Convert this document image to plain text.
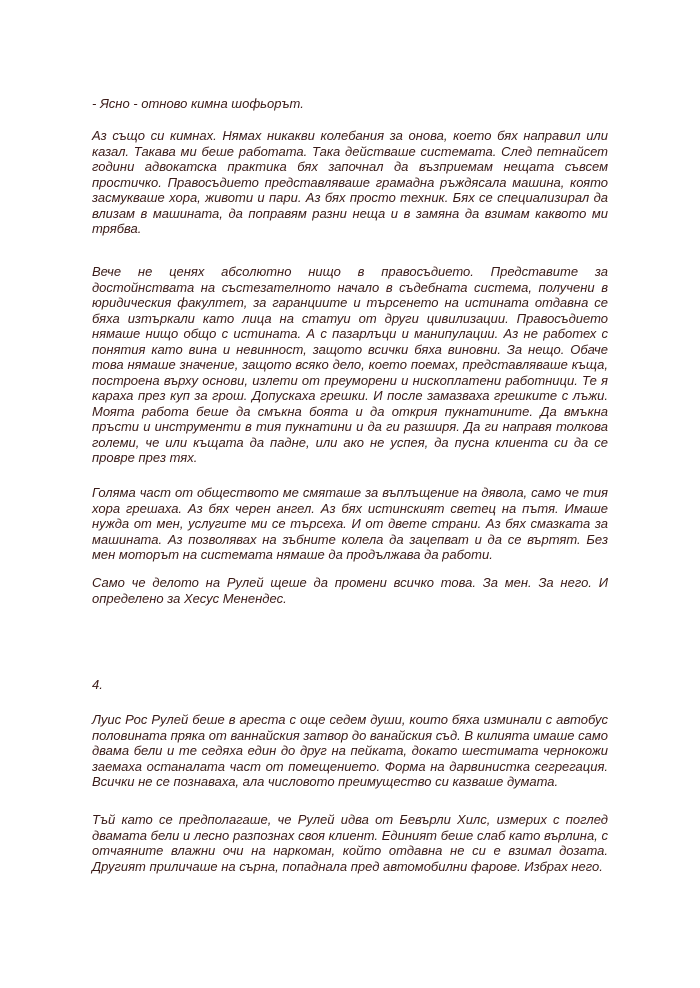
- Ясно - отново кимна шофьорът.

Аз също си кимнах. Нямах никакви колебания за онова, което бях направил или казал. Такава ми беше работата. Така действаше системата. След петнайсет години адвокатска практика бях започнал да възприемам нещата съвсем простичко. Правосъдието представляваше грамадна ръждясала машина, която засмукваше хора, животи и пари. Аз бях просто техник. Бях се специализирал да влизам в машината, да поправям разни неща и в замяна да взимам каквото ми трябва.

Вече не ценях абсолютно нищо в правосъдието. Представите за достойнствата на състезателното начало в съдебната система, получени в юридическия факултет, за гаранциите и търсенето на истината отдавна се бяха изтъркали като лица на статуи от други цивилизации. Правосъдието нямаше нищо общо с истината. А с пазарлъци и манипулации. Аз не работех с понятия като вина и невинност, защото всички бяха виновни. За нещо. Обаче това нямаше значение, защото всяко дело, което поемах, представляваше къща, построена върху основи, излети от преуморени и нископлатени работници. Те я караха през куп за грош. Допускаха грешки. И после замазваха грешките с лъжи. Моята работа беше да смъкна боята и да открия пукнатините. Да вмъкна пръсти и инструменти в тия пукнатини и да ги разширя. Да ги направя толкова големи, че или къщата да падне, или ако не успея, да пусна клиента си да се провре през тях.

Голяма част от обществото ме смяташе за въплъщение на дявола, само че тия хора грешаха. Аз бях черен ангел. Аз бях истинският светец на пътя. Имаше нужда от мен, услугите ми се търсеха. И от двете страни. Аз бях смазката за машината. Аз позволявах на зъбните колела да зацепват и да се въртят. Без мен моторът на системата нямаше да продължава да работи.

Само че делото на Рулей щеше да промени всичко това. За мен. За него. И определено за Хесус Менендес.

4.

Луис Рос Рулей беше в ареста с още седем души, които бяха изминали с автобус половината пряка от ваннайския затвор до ванайския съд. В килията имаше само двама бели и те седяха един до друг на пейката, докато шестимата чернокожи заемаха останалата част от помещението. Форма на дарвинистка сегрегация. Всички не се познаваха, ала числовото преимущество си казваше думата.

Тъй като се предполагаше, че Рулей идва от Бевърли Хилс, измерих с поглед двамата бели и лесно разпознах своя клиент. Единият беше слаб като върлина, с отчаяните влажни очи на наркоман, който отдавна не си е взимал дозата. Другият приличаше на сърна, попаднала пред автомобилни фарове. Избрах него.
